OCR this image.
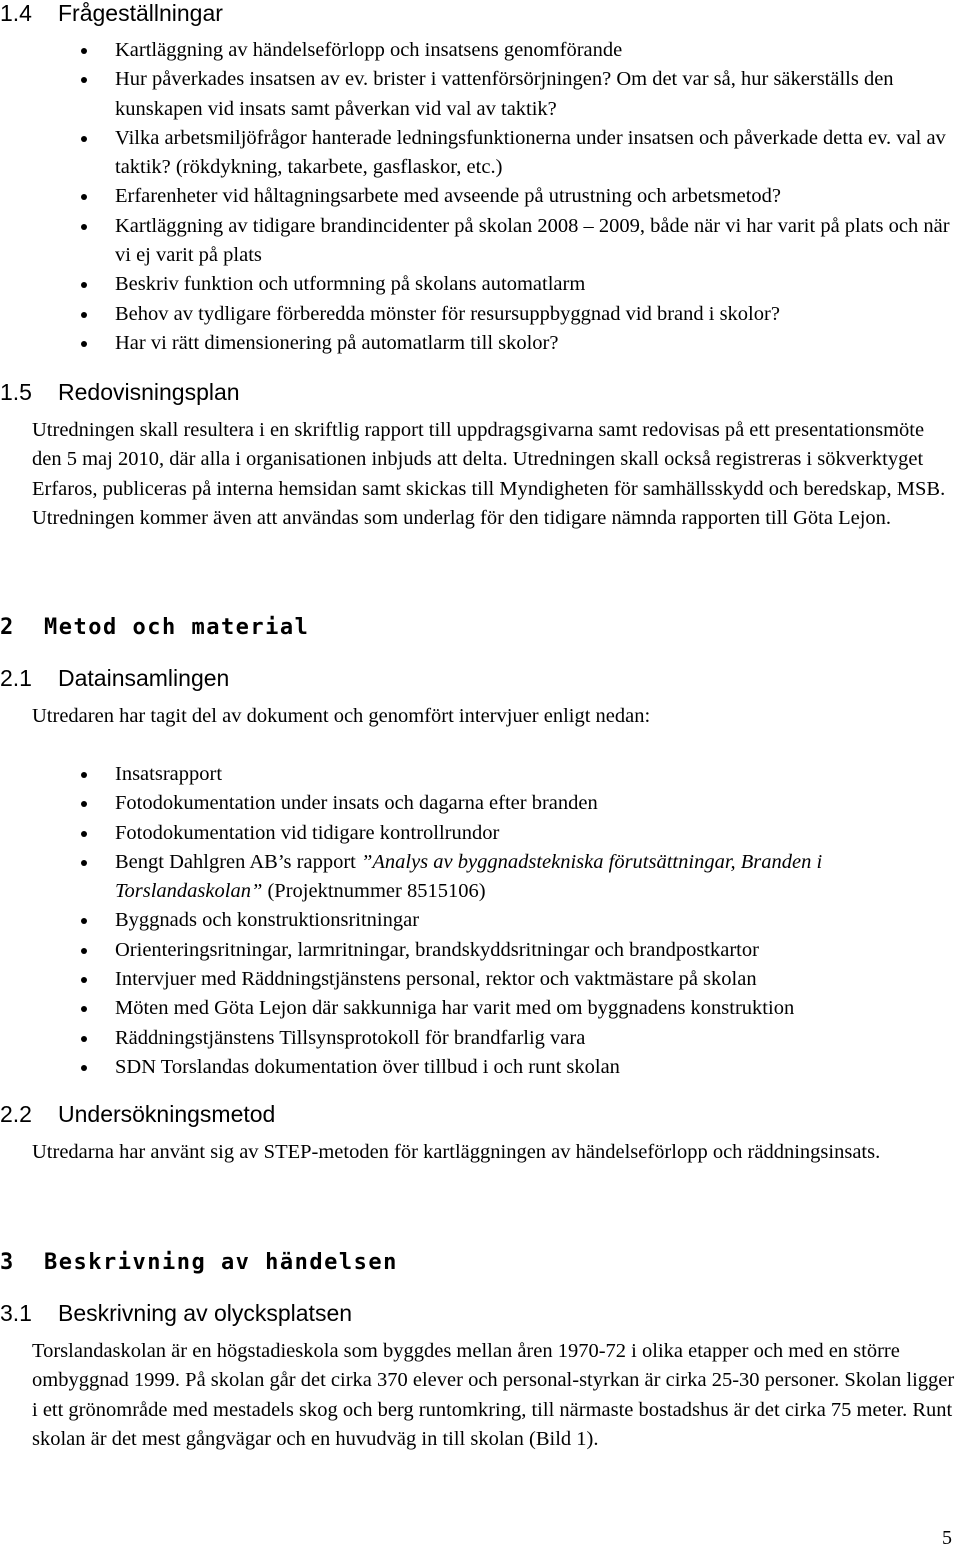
1.4 Frågeställningar
Kartläggning av händelseförlopp och insatsens genomförande
Hur påverkades insatsen av ev. brister i vattenförsörjningen? Om det var så, hur säkerställs den kunskapen vid insats samt påverkan vid val av taktik?
Vilka arbetsmiljöfrågor hanterade ledningsfunktionerna under insatsen och påverkade detta ev. val av taktik? (rökdykning, takarbete, gasflaskor, etc.)
Erfarenheter vid håltagningsarbete med avseende på utrustning och arbetsmetod?
Kartläggning av tidigare brandincidenter på skolan 2008 – 2009, både när vi har varit på plats och när vi ej varit på plats
Beskriv funktion och utformning på skolans automatlarm
Behov av tydligare förberedda mönster för resursuppbyggnad vid brand i skolor?
Har vi rätt dimensionering på automatlarm till skolor?
1.5 Redovisningsplan

Utredningen skall resultera i en skriftlig rapport till uppdragsgivarna samt redovisas på ett presentationsmöte den 5 maj 2010, där alla i organisationen inbjuds att delta. Utredningen skall också registreras i sökverktyget Erfaros, publiceras på interna hemsidan samt skickas till Myndigheten för samhällsskydd och beredskap, MSB. Utredningen kommer även att användas som underlag för den tidigare nämnda rapporten till Göta Lejon.

2 Metod och material
2.1 Datainsamlingen

Utredaren har tagit del av dokument och genomfört intervjuer enligt nedan:

Insatsrapport
Fotodokumentation under insats och dagarna efter branden
Fotodokumentation vid tidigare kontrollrundor
Bengt Dahlgren AB’s rapport ”Analys av byggnadstekniska förutsättningar, Branden i Torslandaskolan” (Projektnummer 8515106)
Byggnads och konstruktionsritningar
Orienteringsritningar, larmritningar, brandskyddsritningar och brandpostkartor
Intervjuer med Räddningstjänstens personal, rektor och vaktmästare på skolan
Möten med Göta Lejon där sakkunniga har varit med om byggnadens konstruktion
Räddningstjänstens Tillsynsprotokoll för brandfarlig vara
SDN Torslandas dokumentation över tillbud i och runt skolan
2.2 Undersökningsmetod

Utredarna har använt sig av STEP-metoden för kartläggningen av händelseförlopp och räddningsinsats.

3 Beskrivning av händelsen
3.1 Beskrivning av olycksplatsen

Torslandaskolan är en högstadieskola som byggdes mellan åren 1970-72 i olika etapper och med en större ombyggnad 1999. På skolan går det cirka 370 elever och personal-styrkan är cirka 25-30 personer. Skolan ligger i ett grönområde med mestadels skog och berg runtomkring, till närmaste bostadshus är det cirka 75 meter. Runt skolan är det mest gångvägar och en huvudväg in till skolan (Bild 1).

5
